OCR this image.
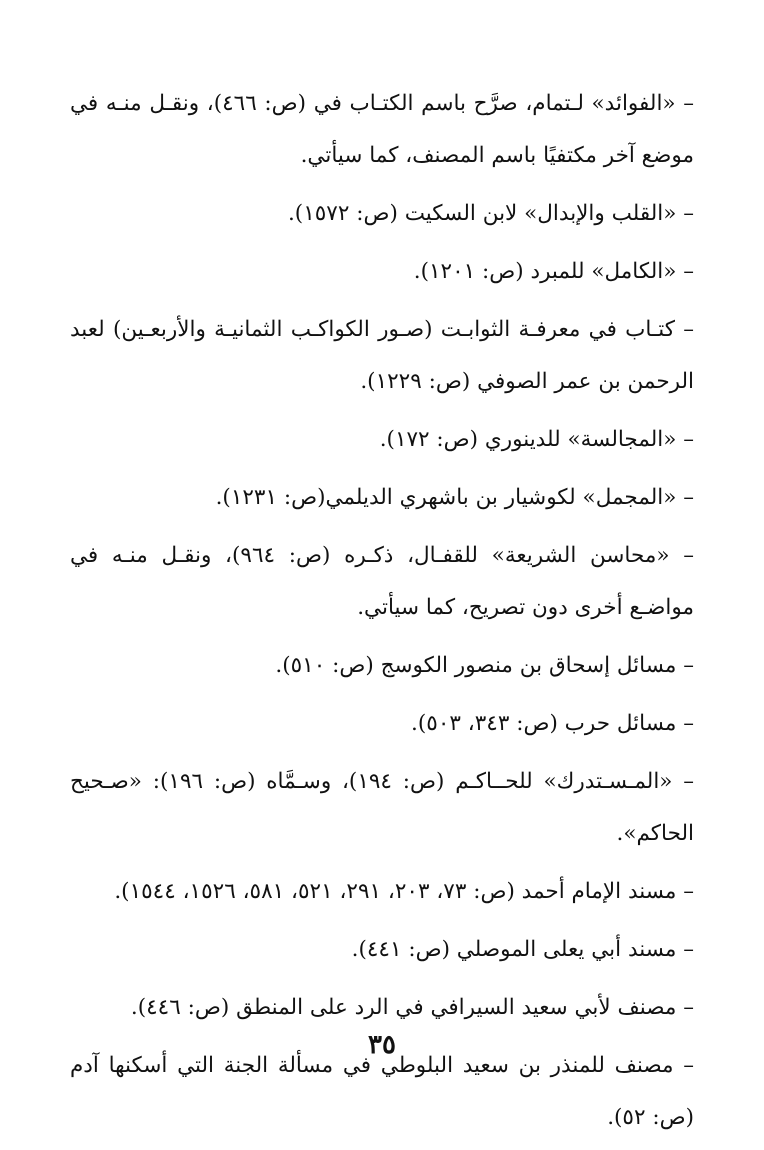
– «الفوائد» لـتمام، صرَّح باسم الكتـاب في (ص: ٤٦٦)، ونقـل منـه في موضع آخر مكتفيًا باسم المصنف، كما سيأتي.

– «القلب والإبدال» لابن السكيت (ص: ١٥٧٢).

– «الكامل» للمبرد (ص: ١٢٠١).

– كتـاب في معرفـة الثوابـت (صـور الكواكـب الثمانيـة والأربعـين) لعبد الرحمن بن عمر الصوفي (ص: ١٢٢٩).

– «المجالسة» للدينوري (ص: ١٧٢).

– «المجمل» لكوشيار بن باشهري الديلمي(ص: ١٢٣١).

– «محاسن الشريعة» للقفـال، ذكـره (ص: ٩٦٤)، ونقـل منـه في مواضـع أخرى دون تصريح، كما سيأتي.

– مسائل إسحاق بن منصور الكوسج (ص: ٥١٠).

– مسائل حرب (ص: ٣٤٣، ٥٠٣).

– «المـسـتدرك» للحــاكـم (ص: ١٩٤)، وسـمَّاه (ص: ١٩٦): «صـحيح الحاكم».

– مسند الإمام أحمد (ص: ٧٣، ٢٠٣، ٢٩١، ٥٢١، ٥٨١، ١٥٢٦، ١٥٤٤).

– مسند أبي يعلى الموصلي (ص: ٤٤١).

– مصنف لأبي سعيد السيرافي في الرد على المنطق (ص: ٤٤٦).

– مصنف للمنذر بن سعيد البلوطي في مسألة الجنة التي أسكنها آدم (ص: ٥٢).

٣٥
